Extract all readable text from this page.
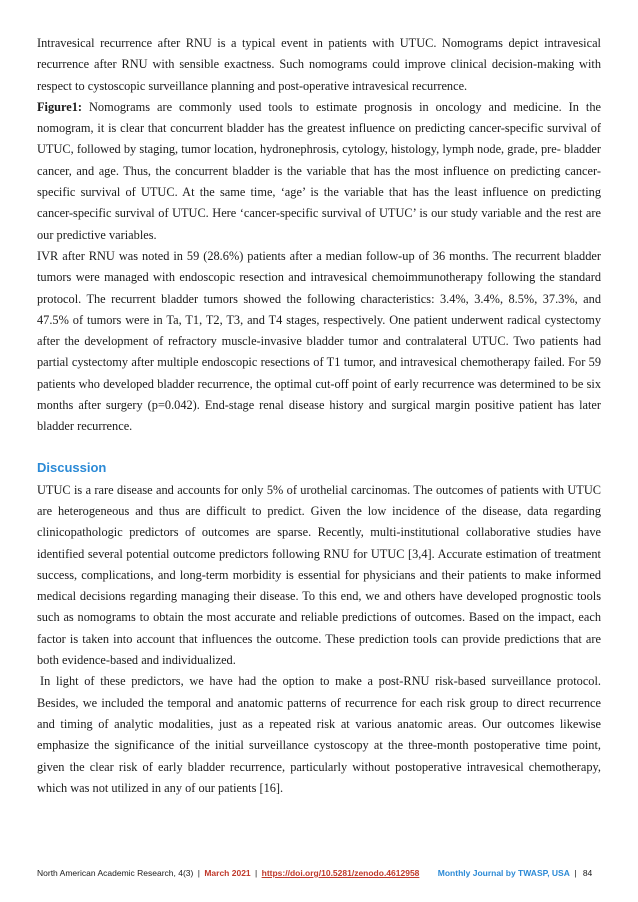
Intravesical recurrence after RNU is a typical event in patients with UTUC. Nomograms depict intravesical recurrence after RNU with sensible exactness. Such nomograms could improve clinical decision-making with respect to cystoscopic surveillance planning and post-operative intravesical recurrence.

Figure1: Nomograms are commonly used tools to estimate prognosis in oncology and medicine. In the nomogram, it is clear that concurrent bladder has the greatest influence on predicting cancer-specific survival of UTUC, followed by staging, tumor location, hydronephrosis, cytology, histology, lymph node, grade, pre- bladder cancer, and age. Thus, the concurrent bladder is the variable that has the most influence on predicting cancer-specific survival of UTUC. At the same time, ‘age’ is the variable that has the least influence on predicting cancer-specific survival of UTUC. Here ‘cancer-specific survival of UTUC’ is our study variable and the rest are our predictive variables.

IVR after RNU was noted in 59 (28.6%) patients after a median follow-up of 36 months. The recurrent bladder tumors were managed with endoscopic resection and intravesical chemoimmunotherapy following the standard protocol. The recurrent bladder tumors showed the following characteristics: 3.4%, 3.4%, 8.5%, 37.3%, and 47.5% of tumors were in Ta, T1, T2, T3, and T4 stages, respectively. One patient underwent radical cystectomy after the development of refractory muscle-invasive bladder tumor and contralateral UTUC. Two patients had partial cystectomy after multiple endoscopic resections of T1 tumor, and intravesical chemotherapy failed. For 59 patients who developed bladder recurrence, the optimal cut-off point of early recurrence was determined to be six months after surgery (p=0.042). End-stage renal disease history and surgical margin positive patient has later bladder recurrence.

Discussion

UTUC is a rare disease and accounts for only 5% of urothelial carcinomas. The outcomes of patients with UTUC are heterogeneous and thus are difficult to predict. Given the low incidence of the disease, data regarding clinicopathologic predictors of outcomes are sparse. Recently, multi-institutional collaborative studies have identified several potential outcome predictors following RNU for UTUC [3,4]. Accurate estimation of treatment success, complications, and long-term morbidity is essential for physicians and their patients to make informed medical decisions regarding managing their disease. To this end, we and others have developed prognostic tools such as nomograms to obtain the most accurate and reliable predictions of outcomes. Based on the impact, each factor is taken into account that influences the outcome. These prediction tools can provide predictions that are both evidence-based and individualized.

In light of these predictors, we have had the option to make a post-RNU risk-based surveillance protocol. Besides, we included the temporal and anatomic patterns of recurrence for each risk group to direct recurrence and timing of analytic modalities, just as a repeated risk at various anatomic areas. Our outcomes likewise emphasize the significance of the initial surveillance cystoscopy at the three-month postoperative time point, given the clear risk of early bladder recurrence, particularly without postoperative intravesical chemotherapy, which was not utilized in any of our patients [16].

North American Academic Research, 4(3) | March 2021 | https://doi.org/10.5281/zenodo.4612958 Monthly Journal by TWASP, USA | 84
